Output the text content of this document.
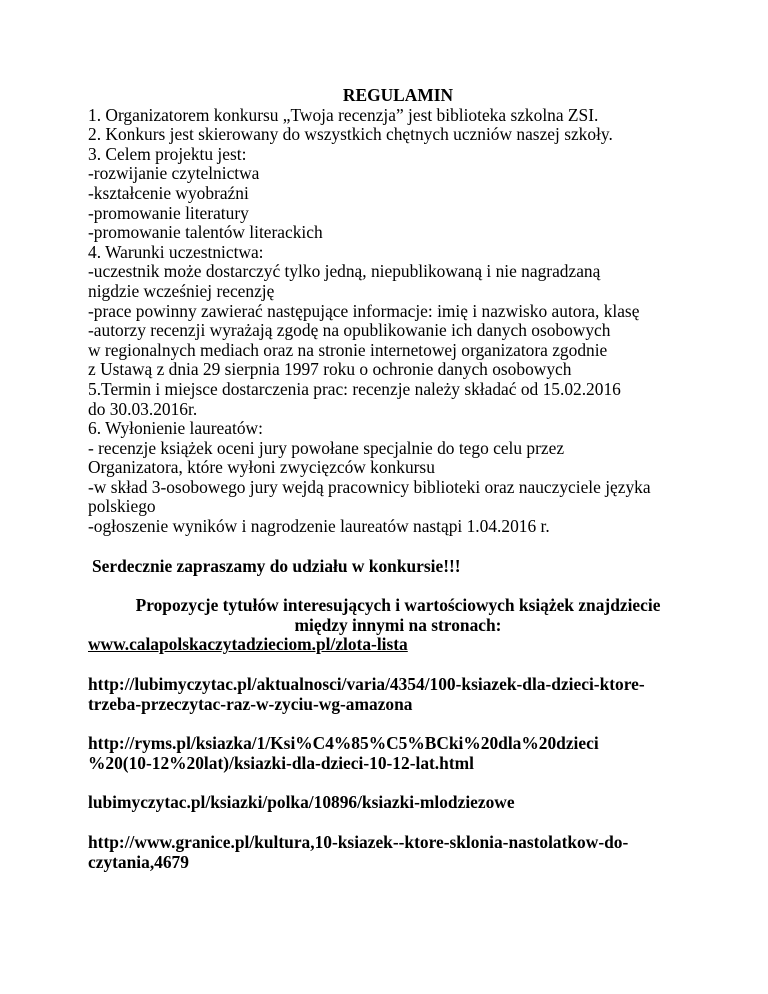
REGULAMIN
1. Organizatorem konkursu „Twoja recenzja” jest biblioteka szkolna ZSI.
2. Konkurs jest skierowany do wszystkich chętnych uczniów naszej szkoły.
3. Celem projektu jest:
-rozwijanie czytelnictwa
-kształcenie wyobraźni
-promowanie literatury
-promowanie talentów literackich
4. Warunki uczestnictwa:
-uczestnik może dostarczyć tylko jedną, niepublikowaną i nie nagradzaną
nigdzie wcześniej recenzję
-prace powinny zawierać następujące informacje: imię i nazwisko autora, klasę
-autorzy recenzji wyrażają zgodę na opublikowanie ich danych osobowych
w regionalnych mediach oraz na stronie internetowej organizatora zgodnie
z Ustawą z dnia 29 sierpnia 1997 roku o ochronie danych osobowych
5.Termin i miejsce dostarczenia prac: recenzje należy składać od 15.02.2016
do 30.03.2016r.
6. Wyłonienie laureatów:
- recenzje książek oceni jury powołane specjalnie do tego celu przez
Organizatora, które wyłoni zwycięzców konkursu
-w skład 3-osobowego jury wejdą pracownicy biblioteki oraz nauczyciele języka
polskiego
-ogłoszenie wyników i nagrodzenie laureatów nastąpi 1.04.2016 r.
Serdecznie zapraszamy do udziału w konkursie!!!
Propozycje tytułów interesujących i wartościowych książek znajdziecie
między innymi na stronach:
www.calapolskaczytadzieciom.pl/zlota-lista
http://lubimyczytac.pl/aktualnosci/varia/4354/100-ksiazek-dla-dzieci-ktore-
trzeba-przeczytac-raz-w-zyciu-wg-amazona
http://ryms.pl/ksiazka/1/Ksi%C4%85%C5%BCki%20dla%20dzieci
%20(10-12%20lat)/ksiazki-dla-dzieci-10-12-lat.html
lubimyczytac.pl/ksiazki/polka/10896/ksiazki-mlodziezowe
http://www.granice.pl/kultura,10-ksiazek--ktore-sklonia-nastolatkow-do-
czytania,4679
